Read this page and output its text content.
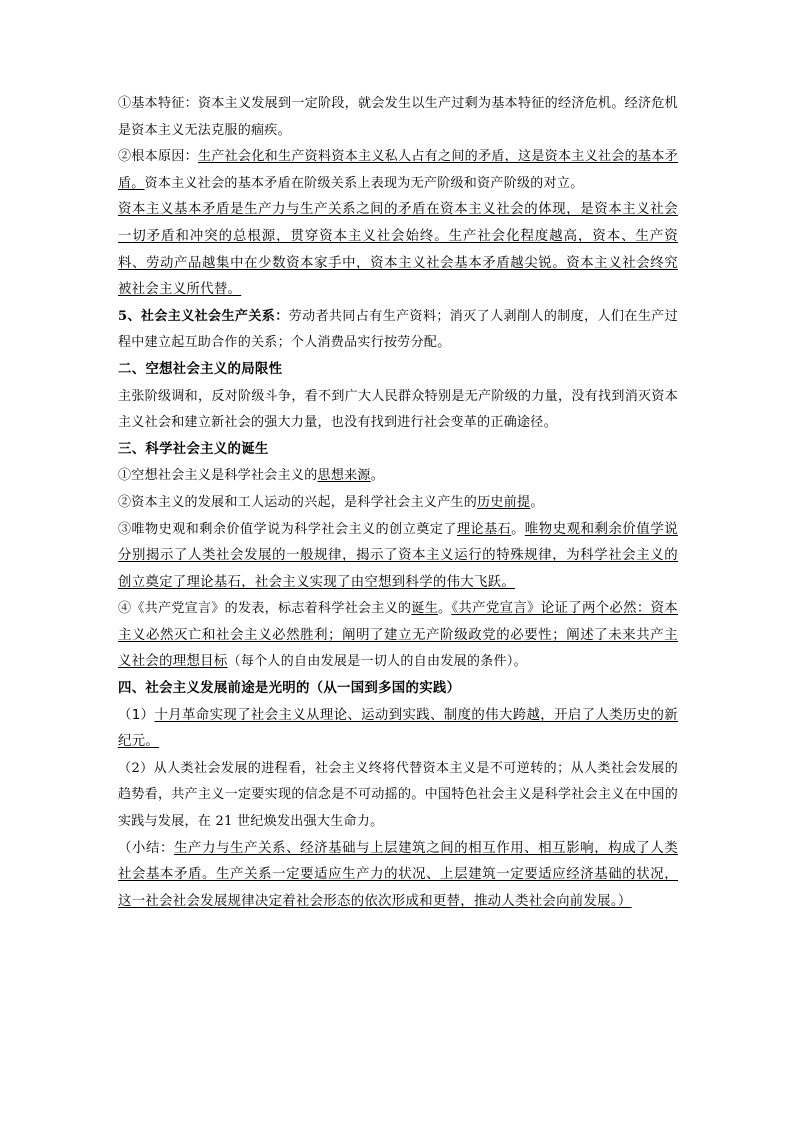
①基本特征：资本主义发展到一定阶段，就会发生以生产过剩为基本特征的经济危机。经济危机是资本主义无法克服的痼疾。

②根本原因：生产社会化和生产资料资本主义私人占有之间的矛盾，这是资本主义社会的基本矛盾。资本主义社会的基本矛盾在阶级关系上表现为无产阶级和资产阶级的对立。

资本主义基本矛盾是生产力与生产关系之间的矛盾在资本主义社会的体现，是资本主义社会一切矛盾和冲突的总根源，贯穿资本主义社会始终。生产社会化程度越高，资本、生产资料、劳动产品越集中在少数资本家手中，资本主义社会基本矛盾越尖锐。资本主义社会终究被社会主义所代替。

5、社会主义社会生产关系：劳动者共同占有生产资料；消灭了人剥削人的制度，人们在生产过程中建立起互助合作的关系；个人消费品实行按劳分配。

二、空想社会主义的局限性

主张阶级调和，反对阶级斗争，看不到广大人民群众特别是无产阶级的力量，没有找到消灭资本主义社会和建立新社会的强大力量，也没有找到进行社会变革的正确途径。

三、科学社会主义的诞生

①空想社会主义是科学社会主义的思想来源。

②资本主义的发展和工人运动的兴起，是科学社会主义产生的历史前提。

③唯物史观和剩余价值学说为科学社会主义的创立奠定了理论基石。唯物史观和剩余价值学说分别揭示了人类社会发展的一般规律，揭示了资本主义运行的特殊规律，为科学社会主义的创立奠定了理论基石，社会主义实现了由空想到科学的伟大飞跃。

④《共产党宣言》的发表，标志着科学社会主义的诞生。《共产党宣言》论证了两个必然：资本主义必然灭亡和社会主义必然胜利；阐明了建立无产阶级政党的必要性；阐述了未来共产主义社会的理想目标（每个人的自由发展是一切人的自由发展的条件）。

四、社会主义发展前途是光明的（从一国到多国的实践）

（1）十月革命实现了社会主义从理论、运动到实践、制度的伟大跨越，开启了人类历史的新纪元。

（2）从人类社会发展的进程看，社会主义终将代替资本主义是不可逆转的；从人类社会发展的趋势看，共产主义一定要实现的信念是不可动摇的。中国特色社会主义是科学社会主义在中国的实践与发展，在 21 世纪焕发出强大生命力。

（小结：生产力与生产关系、经济基础与上层建筑之间的相互作用、相互影响，构成了人类社会基本矛盾。生产关系一定要适应生产力的状况、上层建筑一定要适应经济基础的状况，这一社会社会发展规律决定着社会形态的依次形成和更替，推动人类社会向前发展。）
